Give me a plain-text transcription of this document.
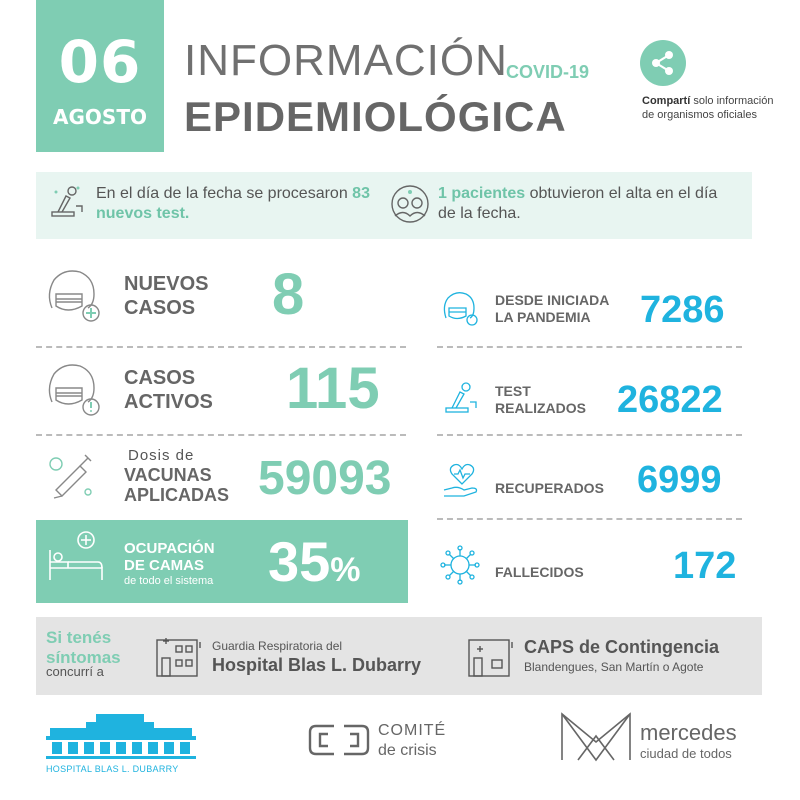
06
AGOSTO
INFORMACIÓN
COVID-19
EPIDEMIOLÓGICA	Compartí solo información de organismos oficiales
En el día de la fecha se procesaron 83 nuevos test.
1 pacientes obtuvieron el alta en el día de la fecha.
NUEVOS
CASOS 8
CASOS
ACTIVOS 115
Dosis de
VACUNAS
APLICADAS 59093
OCUPACIÓN
DE CAMAS
de todo el sistema 35%
DESDE INICIADA
LA PANDEMIA	7286
TEST
REALIZADOS 26822
RECUPERADOS 6999
FALLECIDOS 172
Si tenés
síntomas
concurrí a
Guardia Respiratoria del
Hospital Blas L. Dubarry
CAPS de Contingencia
Blandengues, San Martín o Agote
HOSPITAL BLAS L. DUBARRY
COMITÉ
de crisis
mercedes
ciudad de todos
